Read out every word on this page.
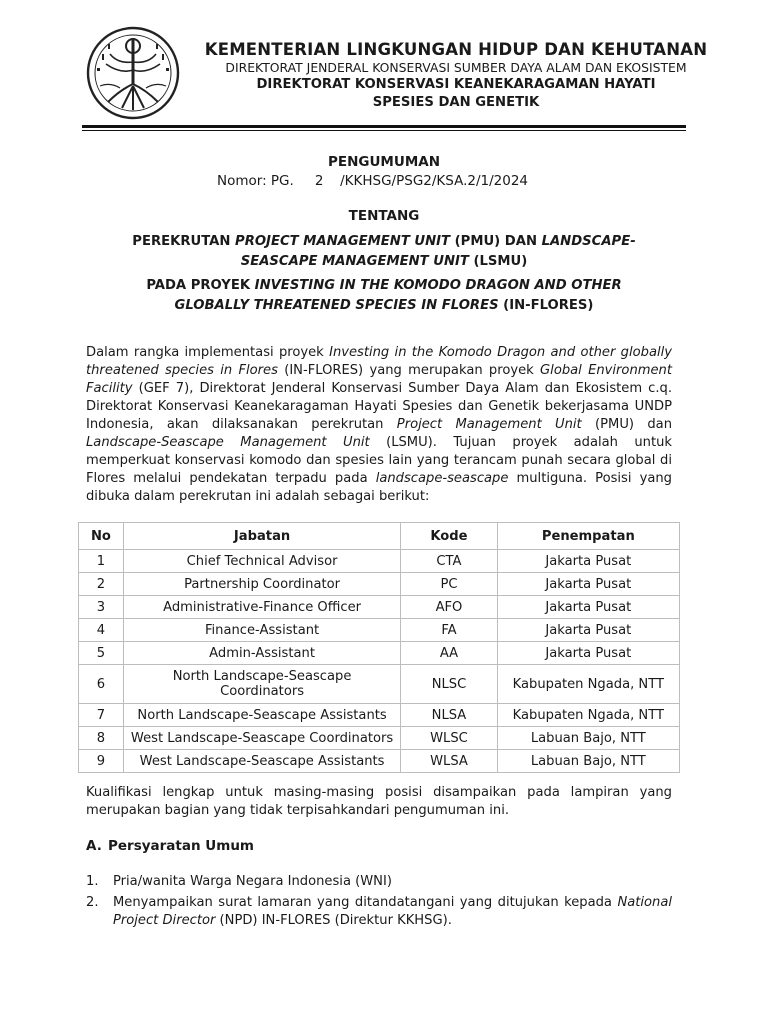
KEMENTERIAN LINGKUNGAN HIDUP DAN KEHUTANAN
DIREKTORAT JENDERAL KONSERVASI SUMBER DAYA ALAM DAN EKOSISTEM
DIREKTORAT KONSERVASI KEANEKARAGAMAN HAYATI
SPESIES DAN GENETIK
PENGUMUMAN
Nomor: PG. 2 /KKHSG/PSG2/KSA.2/1/2024
TENTANG
PEREKRUTAN PROJECT MANAGEMENT UNIT (PMU) DAN LANDSCAPE-
SEASCAPE MANAGEMENT UNIT (LSMU)
PADA PROYEK INVESTING IN THE KOMODO DRAGON AND OTHER
GLOBALLY THREATENED SPECIES IN FLORES (IN-FLORES)
Dalam rangka implementasi proyek Investing in the Komodo Dragon and other globally threatened species in Flores (IN-FLORES) yang merupakan proyek Global Environment Facility (GEF 7), Direktorat Jenderal Konservasi Sumber Daya Alam dan Ekosistem c.q. Direktorat Konservasi Keanekaragaman Hayati Spesies dan Genetik bekerjasama UNDP Indonesia, akan dilaksanakan perekrutan Project Management Unit (PMU) dan Landscape-Seascape Management Unit (LSMU). Tujuan proyek adalah untuk memperkuat konservasi komodo dan spesies lain yang terancam punah secara global di Flores melalui pendekatan terpadu pada landscape-seascape multiguna. Posisi yang dibuka dalam perekrutan ini adalah sebagai berikut:
No	Jabatan	Kode	Penempatan
1	Chief Technical Advisor	CTA	Jakarta Pusat
2	Partnership Coordinator	PC	Jakarta Pusat
3	Administrative-Finance Officer	AFO	Jakarta Pusat
4	Finance-Assistant	FA	Jakarta Pusat
5	Admin-Assistant	AA	Jakarta Pusat
6	North Landscape-Seascape Coordinators	NLSC	Kabupaten Ngada, NTT
7	North Landscape-Seascape Assistants	NLSA	Kabupaten Ngada, NTT
8	West Landscape-Seascape Coordinators	WLSC	Labuan Bajo, NTT
9	West Landscape-Seascape Assistants	WLSA	Labuan Bajo, NTT
Kualifikasi lengkap untuk masing-masing posisi disampaikan pada lampiran yang merupakan bagian yang tidak terpisahkandari pengumuman ini.
A. Persyaratan Umum
1. Pria/wanita Warga Negara Indonesia (WNI)
2. Menyampaikan surat lamaran yang ditandatangani yang ditujukan kepada National Project Director (NPD) IN-FLORES (Direktur KKHSG).
